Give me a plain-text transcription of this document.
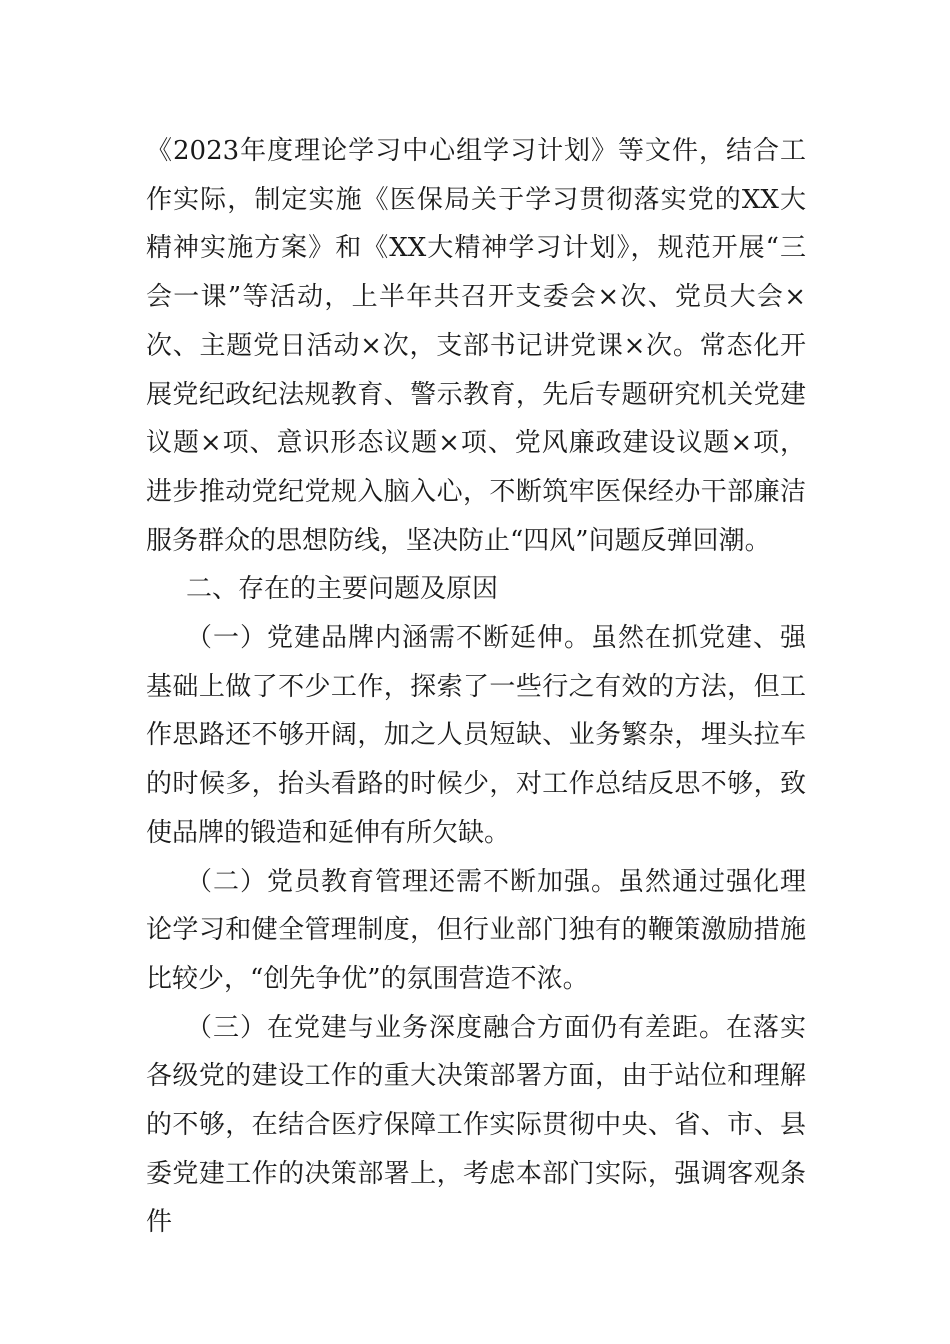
《2023年度理论学习中心组学习计划》等文件，结合工作实际，制定实施《医保局关于学习贯彻落实党的XX大精神实施方案》和《XX大精神学习计划》，规范开展“三会一课”等活动，上半年共召开支委会×次、党员大会×次、主题党日活动×次，支部书记讲党课×次。常态化开展党纪政纪法规教育、警示教育，先后专题研究机关党建议题×项、意识形态议题×项、党风廉政建设议题×项，进步推动党纪党规入脑入心，不断筑牢医保经办干部廉洁服务群众的思想防线，坚决防止“四风”问题反弹回潮。

二、存在的主要问题及原因

（一）党建品牌内涵需不断延伸。虽然在抓党建、强基础上做了不少工作，探索了一些行之有效的方法，但工作思路还不够开阔，加之人员短缺、业务繁杂，埋头拉车的时候多，抬头看路的时候少，对工作总结反思不够，致使品牌的锻造和延伸有所欠缺。

（二）党员教育管理还需不断加强。虽然通过强化理论学习和健全管理制度，但行业部门独有的鞭策激励措施比较少，“创先争优”的氛围营造不浓。

（三）在党建与业务深度融合方面仍有差距。在落实各级党的建设工作的重大决策部署方面，由于站位和理解的不够，在结合医疗保障工作实际贯彻中央、省、市、县委党建工作的决策部署上，考虑本部门实际，强调客观条件
